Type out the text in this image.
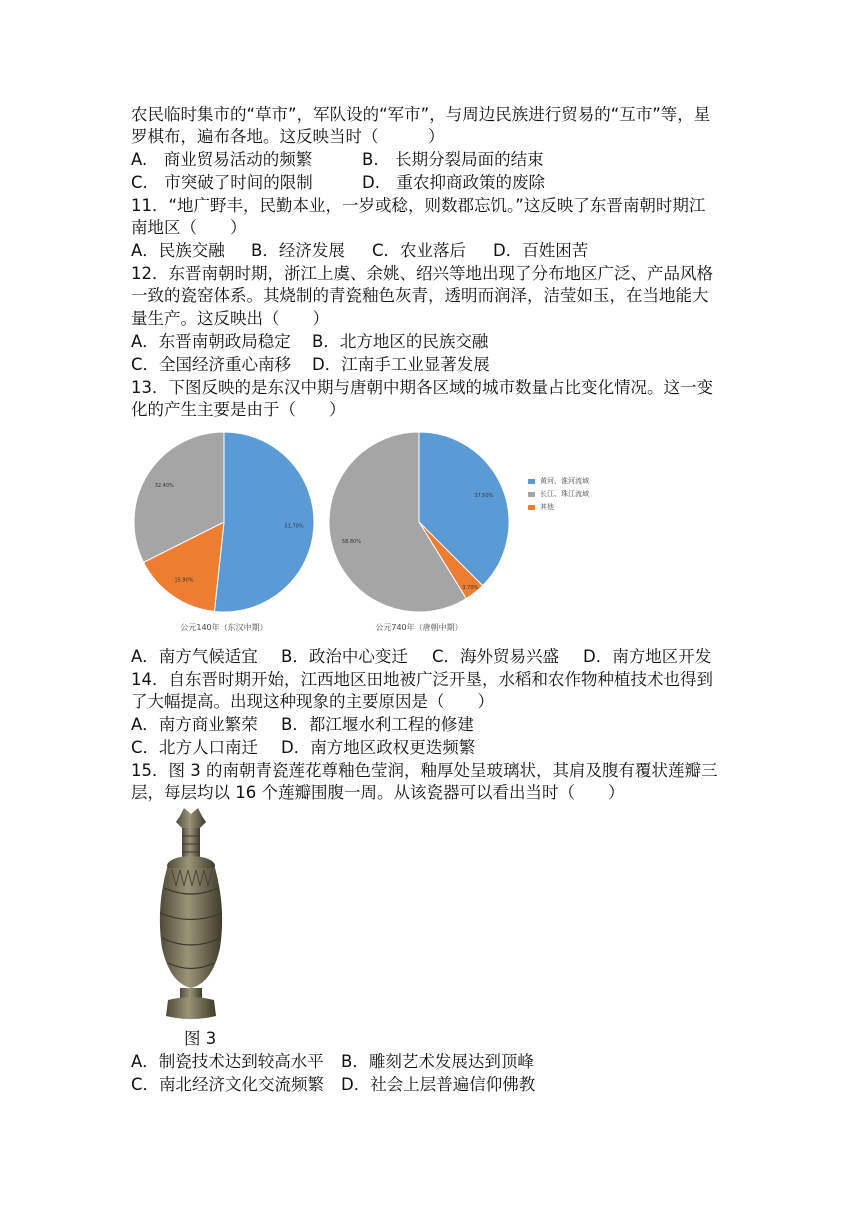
农民临时集市的“草市”，军队设的“军市”，与周边民族进行贸易的“互市”等，星
罗棋布，遍布各地。这反映当时（　　　）
A.　商业贸易活动的频繁	B.　长期分裂局面的结束
C.　市突破了时间的限制	D.　重农抑商政策的废除
11．“地广野丰，民勤本业，一岁或稔，则数郡忘饥。”这反映了东晋南朝时期江
南地区（　　）
A．民族交融 B．经济发展 C．农业落后 D．百姓困苦
12．东晋南朝时期，浙江上虞、余姚、绍兴等地出现了分布地区广泛、产品风格
一致的瓷窑体系。其烧制的青瓷釉色灰青，透明而润泽，洁莹如玉，在当地能大
量生产。这反映出（　　）
A．东晋南朝政局稳定 B．北方地区的民族交融
C．全国经济重心南移 D．江南手工业显著发展
13．下图反映的是东汉中期与唐朝中期各区域的城市数量占比变化情况。这一变
化的产生主要是由于（　　）
51.70%
15.90%
32.40%
公元140年（东汉中期）
37.50%
3.70%
58.80%
公元740年（唐朝中期）
黄河、淮河流域
长江、珠江流域
其他
A．南方气候适宜 B．政治中心变迁 C．海外贸易兴盛 D．南方地区开发
14．自东晋时期开始，江西地区田地被广泛开垦，水稻和农作物种植技术也得到
了大幅提高。出现这种现象的主要原因是（　　）
A．南方商业繁荣 B．都江堰水利工程的修建
C．北方人口南迁 D．南方地区政权更迭频繁
15．图 3 的南朝青瓷莲花尊釉色莹润，釉厚处呈玻璃状，其肩及腹有覆状莲瓣三
层，每层均以 16 个莲瓣围腹一周。从该瓷器可以看出当时（　　）
图 3
A．制瓷技术达到较高水平 B．雕刻艺术发展达到顶峰
C．南北经济文化交流频繁 D．社会上层普遍信仰佛教
